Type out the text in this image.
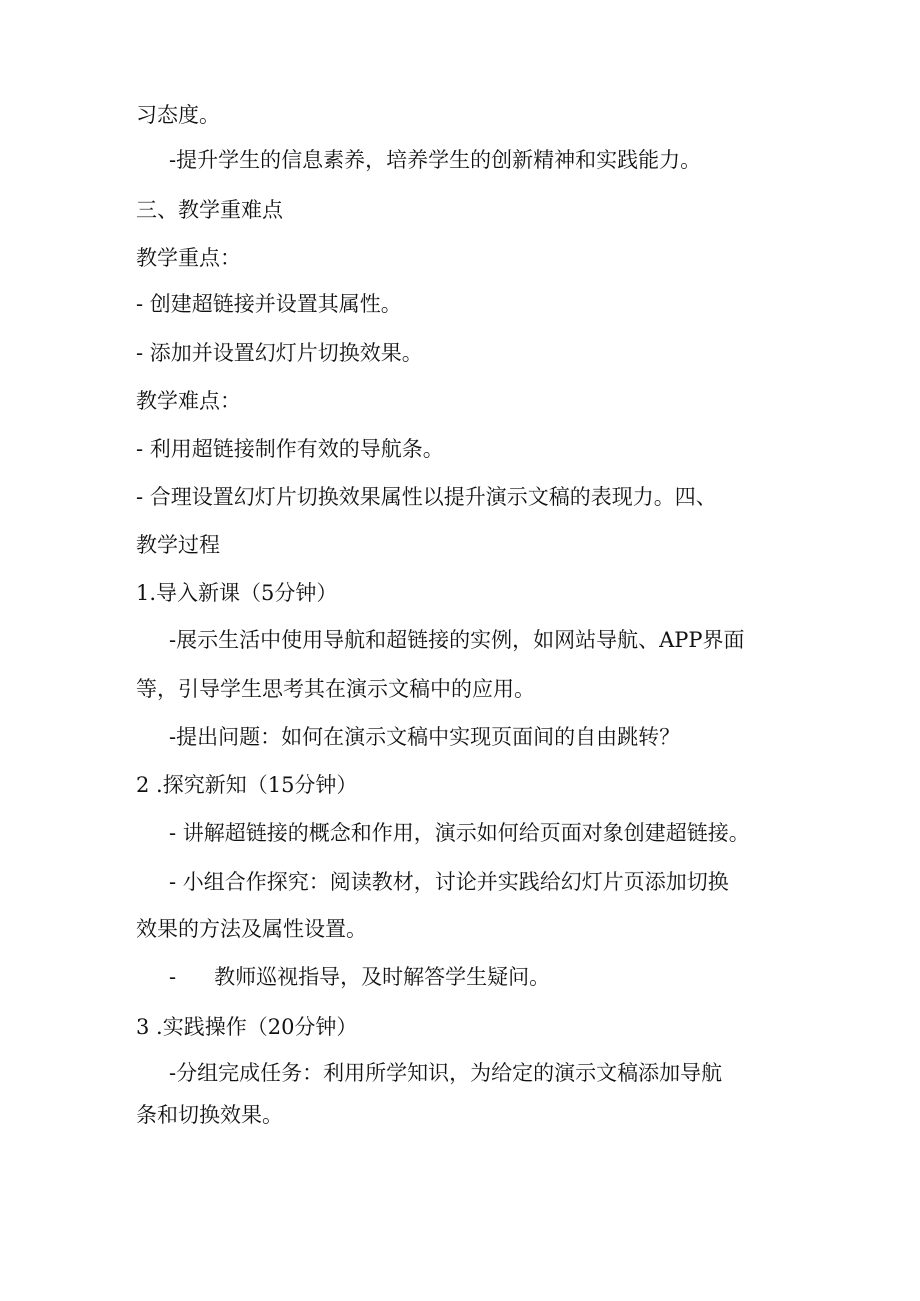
习态度。
-提升学生的信息素养，培养学生的创新精神和实践能力。
三、教学重难点
教学重点：
- 创建超链接并设置其属性。
- 添加并设置幻灯片切换效果。
教学难点：
- 利用超链接制作有效的导航条。
- 合理设置幻灯片切换效果属性以提升演示文稿的表现力。四、
教学过程
1.导入新课（5分钟）
-展示生活中使用导航和超链接的实例，如网站导航、APP界面
等，引导学生思考其在演示文稿中的应用。
-提出问题：如何在演示文稿中实现页面间的自由跳转？
2 .探究新知（15分钟）
- 讲解超链接的概念和作用，演示如何给页面对象创建超链接。
- 小组合作探究：阅读教材，讨论并实践给幻灯片页添加切换
效果的方法及属性设置。
- 教师巡视指导，及时解答学生疑问。
3 .实践操作（20分钟）
-分组完成任务：利用所学知识，为给定的演示文稿添加导航
条和切换效果。
